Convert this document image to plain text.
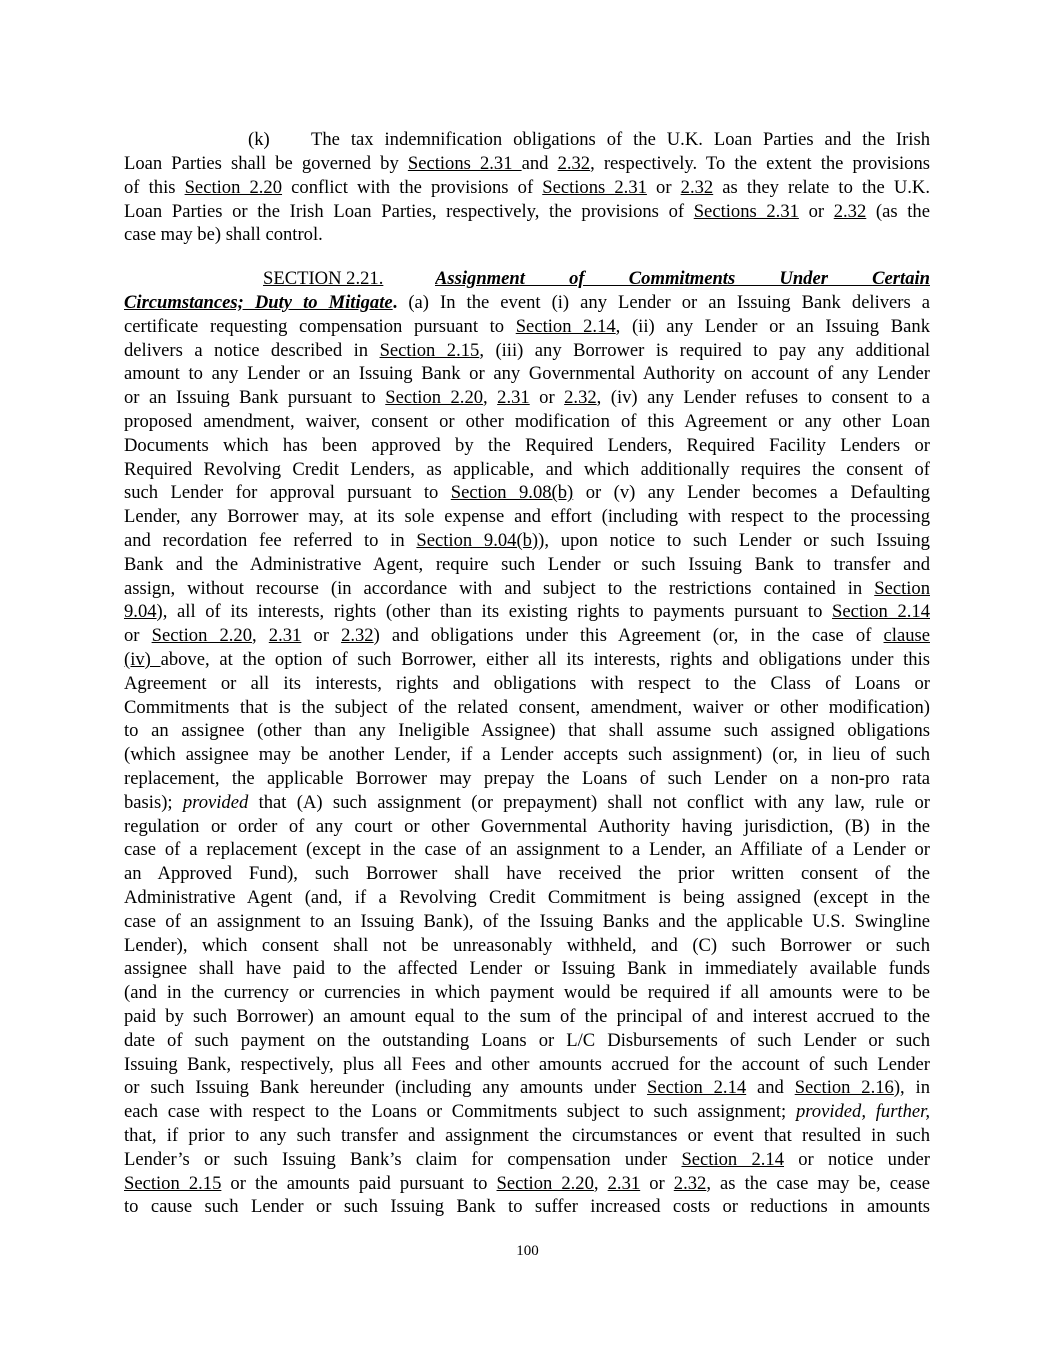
(k) The tax indemnification obligations of the U.K. Loan Parties and the Irish
Loan Parties shall be governed by Sections 2.31 and 2.32, respectively. To the extent the provisions
of this Section 2.20 conflict with the provisions of Sections 2.31 or 2.32 as they relate to the U.K.
Loan Parties or the Irish Loan Parties, respectively, the provisions of Sections 2.31 or 2.32 (as the
case may be) shall control.
SECTION 2.21.	Assignment of Commitments Under Certain
Circumstances; Duty to Mitigate. (a) In the event (i) any Lender or an Issuing Bank delivers a
certificate requesting compensation pursuant to Section 2.14, (ii) any Lender or an Issuing Bank
delivers a notice described in Section 2.15, (iii) any Borrower is required to pay any additional
amount to any Lender or an Issuing Bank or any Governmental Authority on account of any Lender
or an Issuing Bank pursuant to Section 2.20, 2.31 or 2.32, (iv) any Lender refuses to consent to a
proposed amendment, waiver, consent or other modification of this Agreement or any other Loan
Documents which has been approved by the Required Lenders, Required Facility Lenders or
Required Revolving Credit Lenders, as applicable, and which additionally requires the consent of
such Lender for approval pursuant to Section 9.08(b) or (v) any Lender becomes a Defaulting
Lender, any Borrower may, at its sole expense and effort (including with respect to the processing
and recordation fee referred to in Section 9.04(b)), upon notice to such Lender or such Issuing
Bank and the Administrative Agent, require such Lender or such Issuing Bank to transfer and
assign, without recourse (in accordance with and subject to the restrictions contained in Section
9.04), all of its interests, rights (other than its existing rights to payments pursuant to Section 2.14
or Section 2.20, 2.31 or 2.32) and obligations under this Agreement (or, in the case of clause
(iv) above, at the option of such Borrower, either all its interests, rights and obligations under this
Agreement or all its interests, rights and obligations with respect to the Class of Loans or
Commitments that is the subject of the related consent, amendment, waiver or other modification)
to an assignee (other than any Ineligible Assignee) that shall assume such assigned obligations
(which assignee may be another Lender, if a Lender accepts such assignment) (or, in lieu of such
replacement, the applicable Borrower may prepay the Loans of such Lender on a non-pro rata
basis); provided that (A) such assignment (or prepayment) shall not conflict with any law, rule or
regulation or order of any court or other Governmental Authority having jurisdiction, (B) in the
case of a replacement (except in the case of an assignment to a Lender, an Affiliate of a Lender or
an Approved Fund), such Borrower shall have received the prior written consent of the
Administrative Agent (and, if a Revolving Credit Commitment is being assigned (except in the
case of an assignment to an Issuing Bank), of the Issuing Banks and the applicable U.S. Swingline
Lender), which consent shall not be unreasonably withheld, and (C) such Borrower or such
assignee shall have paid to the affected Lender or Issuing Bank in immediately available funds
(and in the currency or currencies in which payment would be required if all amounts were to be
paid by such Borrower) an amount equal to the sum of the principal of and interest accrued to the
date of such payment on the outstanding Loans or L/C Disbursements of such Lender or such
Issuing Bank, respectively, plus all Fees and other amounts accrued for the account of such Lender
or such Issuing Bank hereunder (including any amounts under Section 2.14 and Section 2.16), in
each case with respect to the Loans or Commitments subject to such assignment; provided, further,
that, if prior to any such transfer and assignment the circumstances or event that resulted in such
Lender’s or such Issuing Bank’s claim for compensation under Section 2.14 or notice under
Section 2.15 or the amounts paid pursuant to Section 2.20, 2.31 or 2.32, as the case may be, cease
to cause such Lender or such Issuing Bank to suffer increased costs or reductions in amounts
100
